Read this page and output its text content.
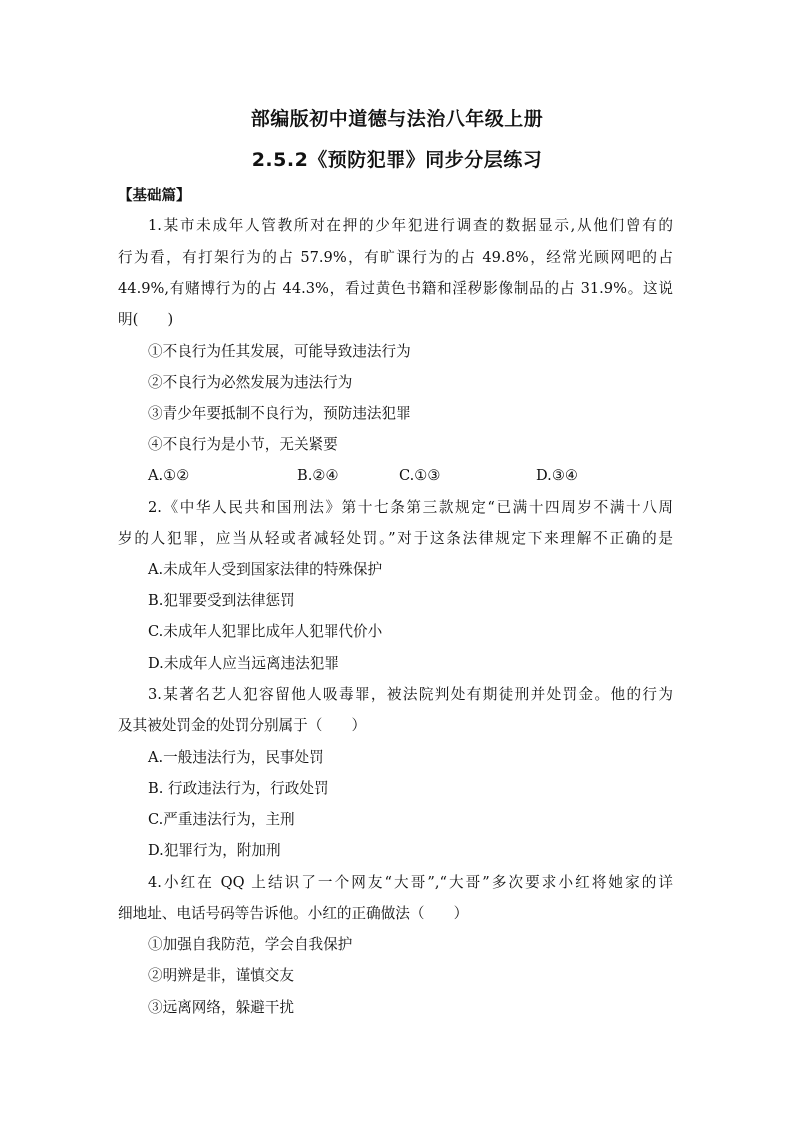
部编版初中道德与法治八年级上册
2.5.2《预防犯罪》同步分层练习
【基础篇】
1.某市未成年人管教所对在押的少年犯进行调查的数据显示,从他们曾有的
行为看，有打架行为的占 57.9%，有旷课行为的占 49.8%，经常光顾网吧的占
44.9%,有赌博行为的占 44.3%，看过黄色书籍和淫秽影像制品的占 31.9%。这说
明(　　)
①不良行为任其发展，可能导致违法行为
②不良行为必然发展为违法行为
③青少年要抵制不良行为，预防违法犯罪
④不良行为是小节，无关紧要
A.①②	B.②④	C.①③	D.③④
2.《中华人民共和国刑法》第十七条第三款规定“已满十四周岁不满十八周
岁的人犯罪，应当从轻或者减轻处罚。”对于这条法律规定下来理解不正确的是
A.未成年人受到国家法律的特殊保护
B.犯罪要受到法律惩罚
C.未成年人犯罪比成年人犯罪代价小
D.未成年人应当远离违法犯罪
3.某著名艺人犯容留他人吸毒罪，被法院判处有期徒刑并处罚金。他的行为
及其被处罚金的处罚分别属于（　　）
A.一般违法行为，民事处罚
B. 行政违法行为，行政处罚
C.严重违法行为，主刑
D.犯罪行为，附加刑
4.小红在 QQ 上结识了一个网友“大哥”,“大哥”多次要求小红将她家的详
细地址、电话号码等告诉他。小红的正确做法（　　）
①加强自我防范，学会自我保护
②明辨是非，谨慎交友
③远离网络，躲避干扰
